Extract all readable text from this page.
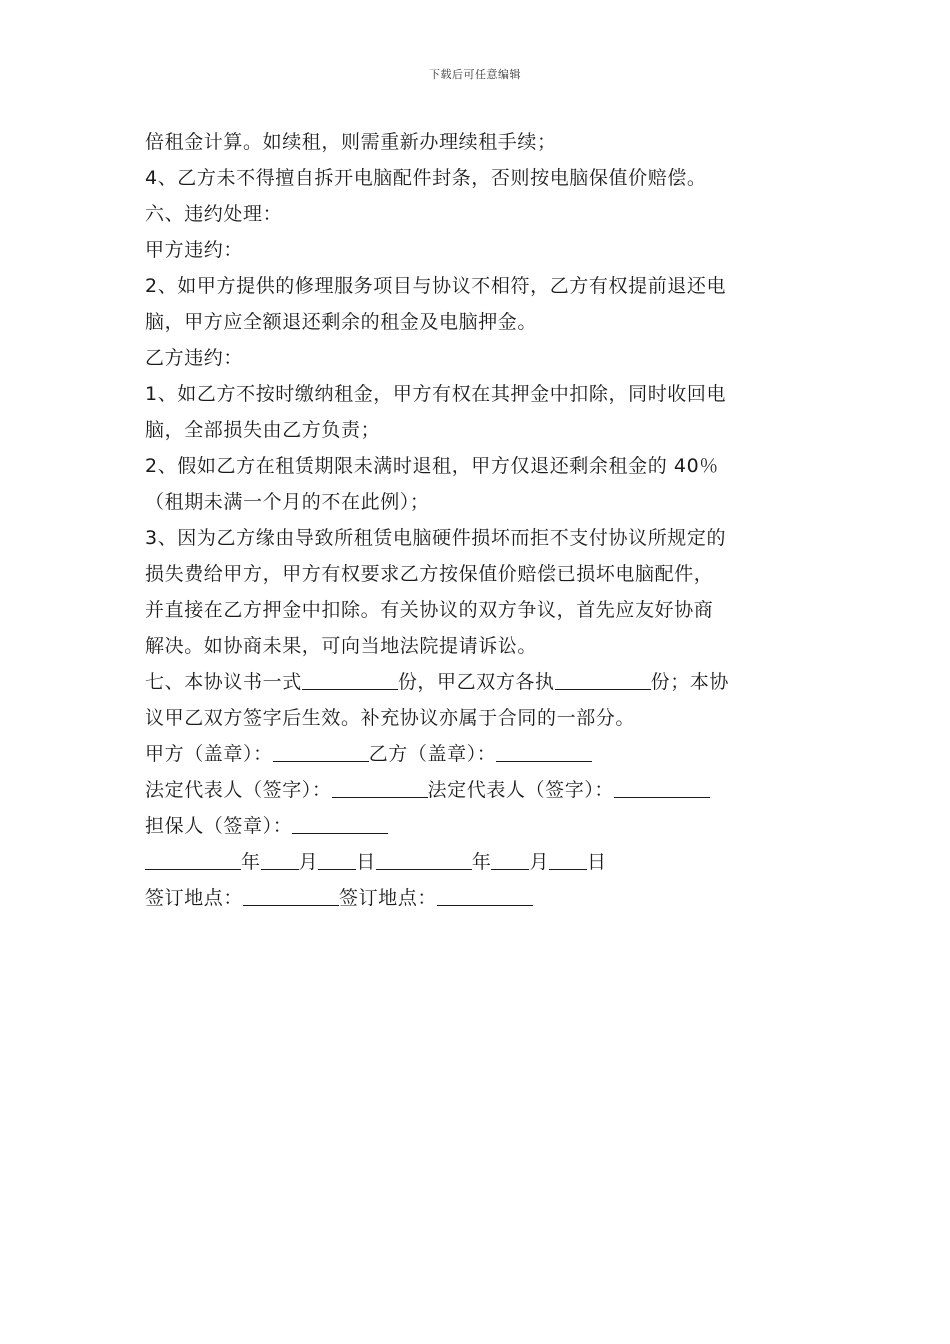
下载后可任意编辑
倍租金计算。如续租，则需重新办理续租手续；
4、乙方未不得擅自拆开电脑配件封条，否则按电脑保值价赔偿。
六、违约处理：
甲方违约：
2、如甲方提供的修理服务项目与协议不相符，乙方有权提前退还电
脑，甲方应全额退还剩余的租金及电脑押金。
乙方违约：
1、如乙方不按时缴纳租金，甲方有权在其押金中扣除，同时收回电
脑，全部损失由乙方负责；
2、假如乙方在租赁期限未满时退租，甲方仅退还剩余租金的 40％
（租期未满一个月的不在此例）；
3、因为乙方缘由导致所租赁电脑硬件损坏而拒不支付协议所规定的
损失费给甲方，甲方有权要求乙方按保值价赔偿已损坏电脑配件，
并直接在乙方押金中扣除。有关协议的双方争议，首先应友好协商
解决。如协商未果，可向当地法院提请诉讼。
七、本协议书一式	份，甲乙双方各执	份；本协
议甲乙双方签字后生效。补充协议亦属于合同的一部分。
甲方（盖章）：	乙方（盖章）：
法定代表人（签字）：	法定代表人（签字）：
担保人（签章）：
年 月 日	年 月 日
签订地点：	签订地点：
